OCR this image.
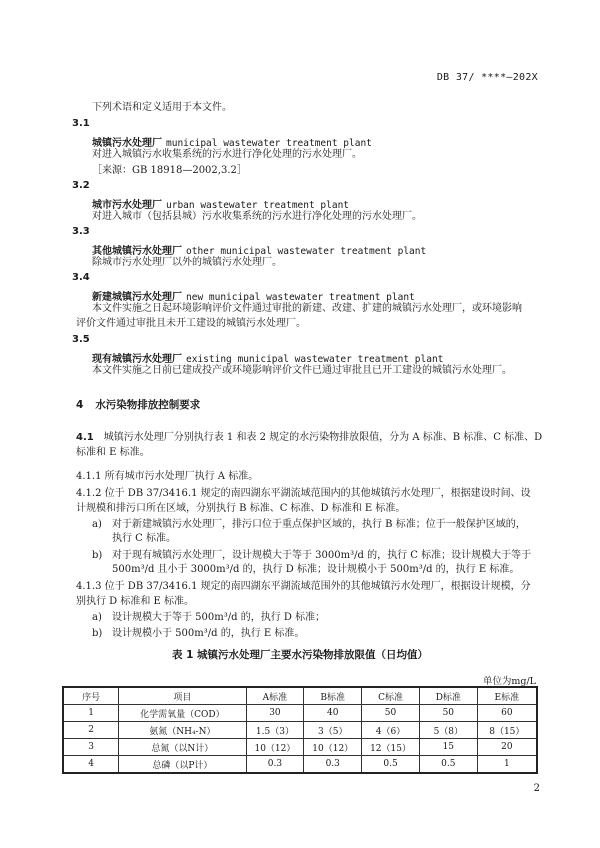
DB 37/ ****—202X
下列术语和定义适用于本文件。
3.1
城镇污水处理厂 municipal wastewater treatment plant
对进入城镇污水收集系统的污水进行净化处理的污水处理厂。
［来源：GB 18918—2002,3.2］
3.2
城市污水处理厂 urban wastewater treatment plant
对进入城市（包括县城）污水收集系统的污水进行净化处理的污水处理厂。
3.3
其他城镇污水处理厂 other municipal wastewater treatment plant
除城市污水处理厂以外的城镇污水处理厂。
3.4
新建城镇污水处理厂 new municipal wastewater treatment plant
本文件实施之日起环境影响评价文件通过审批的新建、改建、扩建的城镇污水处理厂，或环境影响
评价文件通过审批且未开工建设的城镇污水处理厂。
3.5
现有城镇污水处理厂 existing municipal wastewater treatment plant
本文件实施之日前已建成投产或环境影响评价文件已通过审批且已开工建设的城镇污水处理厂。
4 水污染物排放控制要求
4.1 城镇污水处理厂分别执行表 1 和表 2 规定的水污染物排放限值，分为 A 标准、B 标准、C 标准、D
标准和 E 标准。
4.1.1 所有城市污水处理厂执行 A 标准。
4.1.2 位于 DB 37/3416.1 规定的南四湖东平湖流域范围内的其他城镇污水处理厂，根据建设时间、设
计规模和排污口所在区域，分别执行 B 标准、C 标准、D 标准和 E 标准。
a) 对于新建城镇污水处理厂，排污口位于重点保护区域的，执行 B 标准；位于一般保护区域的，
执行 C 标准。
b) 对于现有城镇污水处理厂，设计规模大于等于 3000m³/d 的，执行 C 标准；设计规模大于等于
500m³/d 且小于 3000m³/d 的，执行 D 标准；设计规模小于 500m³/d 的，执行 E 标准。
4.1.3 位于 DB 37/3416.1 规定的南四湖东平湖流域范围外的其他城镇污水处理厂，根据设计规模，分
别执行 D 标准和 E 标准。
a) 设计规模大于等于 500m³/d 的，执行 D 标准；
b) 设计规模小于 500m³/d 的，执行 E 标准。
表 1 城镇污水处理厂主要水污染物排放限值（日均值）
单位为mg/L
序号	项目	A标准	B标准	C标准	D标准	E标准
1	化学需氧量（COD）	30	40	50	50	60
2	氨氮（NH₄-N）	1.5（3）	3（5）	4（6）	5（8）	8（15）
3	总氮（以N计）	10（12）	10（12）	12（15）	15	20
4	总磷（以P计）	0.3	0.3	0.5	0.5	1
2
